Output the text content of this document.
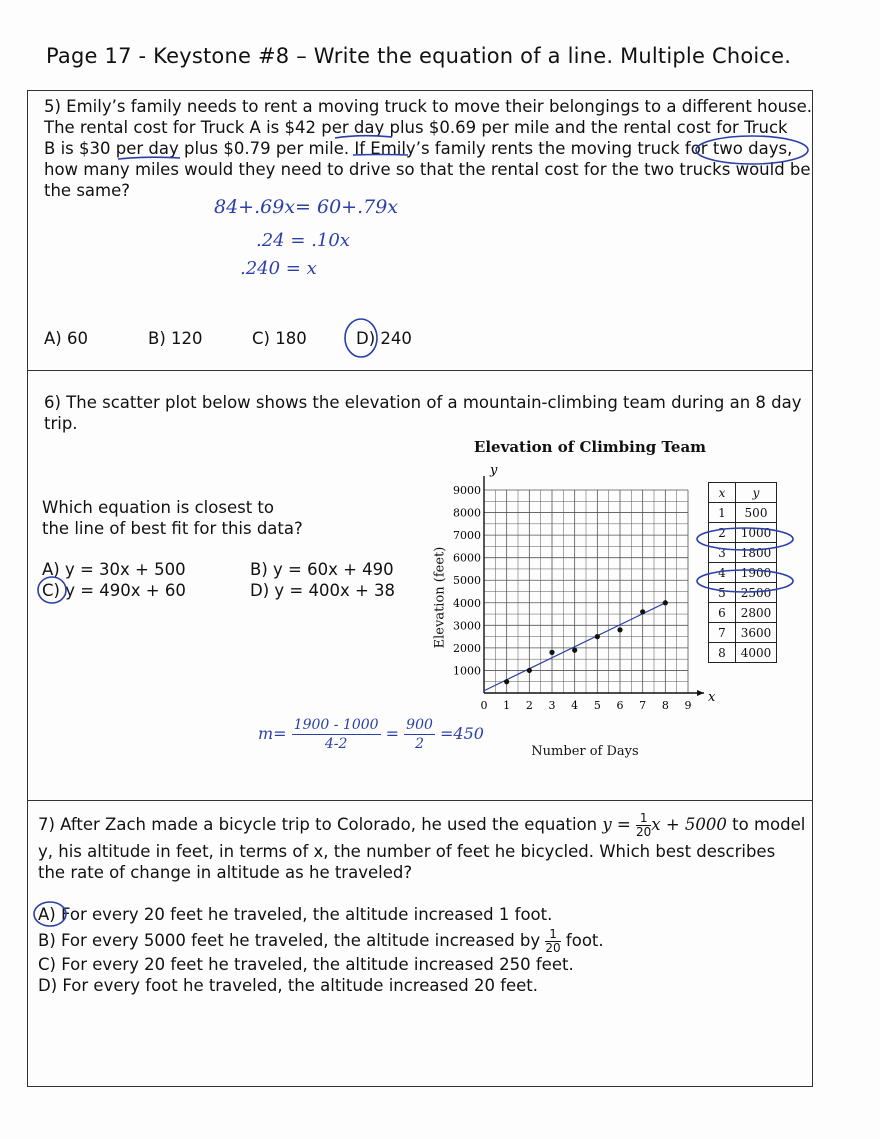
Page 17 - Keystone #8 – Write the equation of a line. Multiple Choice.
5) Emily’s family needs to rent a moving truck to move their belongings to a different house.
The rental cost for Truck A is $42 per day plus $0.69 per mile and the rental cost for Truck
B is $30 per day plus $0.79 per mile. If Emily’s family rents the moving truck for two days,
how many miles would they need to drive so that the rental cost for the two trucks would be
the same?
84+.69x= 60+.79x
.24 = .10x
.240 = x
A) 60	B) 120	C) 180	D) 240
6) The scatter plot below shows the elevation of a mountain-climbing team during an 8 day
trip.
Which equation is closest to
the line of best fit for this data?
A) y = 30x + 500	B) y = 60x + 490
C) y = 490x + 60	D) y = 400x + 38
$m= \frac{1900 - 1000}{4-2} = \frac{900}{2} =450$
Elevation of Climbing Team
Elevation (feet)
Number of Days
x
y
0 1 2 3 4 5 6 7 8 9
1000
2000
3000
4000
5000
6000
7000
8000
9000	x	y
1	500
2	1000
3	1800
4	1900
5	2500
6	2800
7	3600
8	4000
7) After Zach made a bicycle trip to Colorado, he used the equation $y = \frac{1}{20}$ x + 5000 to model
y, his altitude in feet, in terms of x, the number of feet he bicycled. Which best describes
the rate of change in altitude as he traveled?
A) For every 20 feet he traveled, the altitude increased 1 foot.
B) For every 5000 feet he traveled, the altitude increased by $\frac{1}{20}$ foot.
C) For every 20 feet he traveled, the altitude increased 250 feet.
D) For every foot he traveled, the altitude increased 20 feet.
